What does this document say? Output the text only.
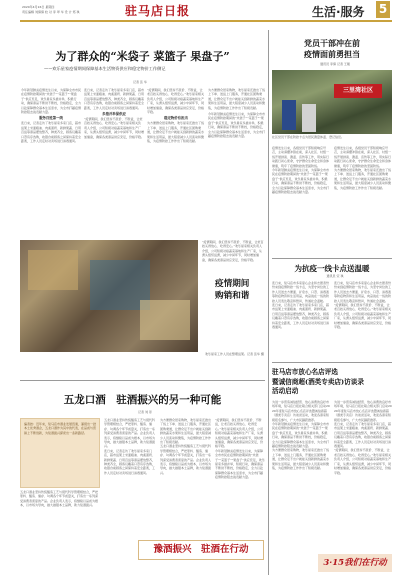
2020年4月16日 星期四
责任编辑 刘倩倩 校 对 李 翠 华 设 计 郑 琪	驻马店日报	生活·服务 5
为了群众的“米袋子 菜篮子 果盘子”
——欢乐星家疫情期间保障基本生活物资供应和稳定物价工作侧记
记者 张 华
今年新冠肺炎疫情发生以来，为保障全市市民在疫情防控期间的“米袋子”“菜篮子”“果盘子”供应充足，欢乐星家多措并举，积极行动，确保商品不断供不断档，价格稳定，全力以赴保障群众基本生活需求，为全市打赢疫情防控阻击战贡献力量。
服务百姓第一线
连日来，记者走访了欢乐星家多家门店，超市货架上米面粮油、肉禽蛋奶、新鲜果蔬、日用百货等商品摆放整齐，种类齐全，顾客们戴着口罩有序选购，收银台前顾客之间保持着安全距离，工作人员定时对卖场进行消毒通风。
连日来，记者走访了欢乐星家多家门店，超市货架上米面粮油、肉禽蛋奶、新鲜果蔬、日用百货等商品摆放整齐，种类齐全，顾客们戴着口罩有序选购，收银台前顾客之间保持着安全距离，工作人员定时对卖场进行消毒通风。
多措并举保供应
“疫情期间，我们坚持不涨价、不断货，让老百姓买得放心、吃得安心。”欢乐星家相关负责人介绍，公司积极对接蔬菜基地和生产厂家，从源头组织货源，减少中间环节，同时增加储备，确保各类商品供应充足，价格平稳。
“疫情期间，我们坚持不涨价、不断货，让老百姓买得放心、吃得安心。”欢乐星家相关负责人介绍，公司积极对接蔬菜基地和生产厂家，从源头组织货源，减少中间环节，同时增加储备，确保各类商品供应充足，价格平稳。
稳定物价有担当
为方便群众居家购物，欢乐星家还推出了线上下单、送货上门服务，开通社区团购渠道，让群众足不出户就能买到新鲜的蔬菜水果和生活用品，最大程度减少人员流动和聚集，为疫情防控工作作出了积极贡献。
为方便群众居家购物，欢乐星家还推出了线上下单、送货上门服务，开通社区团购渠道，让群众足不出户就能买到新鲜的蔬菜水果和生活用品，最大程度减少人员流动和聚集，为疫情防控工作作出了积极贡献。
今年新冠肺炎疫情发生以来，为保障全市市民在疫情防控期间的“米袋子”“菜篮子”“果盘子”供应充足，欢乐星家多措并举，积极行动，确保商品不断供不断档，价格稳定，全力以赴保障群众基本生活需求，为全市打赢疫情防控阻击战贡献力量。
“疫情期间，我们坚持不涨价、不断货，让老百姓买得放心、吃得安心。”欢乐星家相关负责人介绍，公司积极对接蔬菜基地和生产厂家，从源头组织货源，减少中间环节，同时增加储备，确保各类商品供应充足，价格平稳。
疫情期间
购销和谐
欢乐星家工作人员在整理货架。记者 张华 摄
五龙口酒　驻酒振兴的另一种可能
记者 刘 彤
编者按：近年来，驻马店市酒业发展迅速，涌现出一批本土优秀酒企，五龙口酒作为其中的代表，在品质与营销上不断创新，为驻酒振兴探索出一条新路径。
五龙口酒业坚持传统酿造工艺与现代科学管理相结合，严把原料、酿造、储存、勾调各个环节质量关，打造出一系列深受消费者喜爱的产品。企业负责人表示，将继续以品质为根本，以市场为导向，做大做强本土品牌，助力驻酒振兴。
五龙口酒业坚持传统酿造工艺与现代科学管理相结合，严把原料、酿造、储存、勾调各个环节质量关，打造出一系列深受消费者喜爱的产品。企业负责人表示，将继续以品质为根本，以市场为导向，做大做强本土品牌，助力驻酒振兴。
连日来，记者走访了欢乐星家多家门店，超市货架上米面粮油、肉禽蛋奶、新鲜果蔬、日用百货等商品摆放整齐，种类齐全，顾客们戴着口罩有序选购，收银台前顾客之间保持着安全距离，工作人员定时对卖场进行消毒通风。
为方便群众居家购物，欢乐星家还推出了线上下单、送货上门服务，开通社区团购渠道，让群众足不出户就能买到新鲜的蔬菜水果和生活用品，最大程度减少人员流动和聚集，为疫情防控工作作出了积极贡献。
五龙口酒业坚持传统酿造工艺与现代科学管理相结合，严把原料、酿造、储存、勾调各个环节质量关，打造出一系列深受消费者喜爱的产品。企业负责人表示，将继续以品质为根本，以市场为导向，做大做强本土品牌，助力驻酒振兴。
“疫情期间，我们坚持不涨价、不断货，让老百姓买得放心、吃得安心。”欢乐星家相关负责人介绍，公司积极对接蔬菜基地和生产厂家，从源头组织货源，减少中间环节，同时增加储备，确保各类商品供应充足，价格平稳。
今年新冠肺炎疫情发生以来，为保障全市市民在疫情防控期间的“米袋子”“菜篮子”“果盘子”供应充足，欢乐星家多措并举，积极行动，确保商品不断供不断档，价格稳定，全力以赴保障群众基本生活需求，为全市打赢疫情防控阻击战贡献力量。
豫酒振兴　驻酒在行动
党员干部冲在前
疫情面前勇担当
通讯员 李倩 记者 王刚
三里湾社区
社区党员干部在防控卡点为居民测量体温、登记信息。
疫情发生以来，各级党员干部积极响应号召，主动请缨冲锋在前，深入社区、村组一线开展排查、测温、宣传等工作，用实际行动践行初心使命，守护群众生命安全和身体健康，筑牢了疫情防控的坚固防线。
今年新冠肺炎疫情发生以来，为保障全市市民在疫情防控期间的“米袋子”“菜篮子”“果盘子”供应充足，欢乐星家多措并举，积极行动，确保商品不断供不断档，价格稳定，全力以赴保障群众基本生活需求，为全市打赢疫情防控阻击战贡献力量。
疫情发生以来，各级党员干部积极响应号召，主动请缨冲锋在前，深入社区、村组一线开展排查、测温、宣传等工作，用实际行动践行初心使命，守护群众生命安全和身体健康，筑牢了疫情防控的坚固防线。
为方便群众居家购物，欢乐星家还推出了线上下单、送货上门服务，开通社区团购渠道，让群众足不出户就能买到新鲜的蔬菜水果和生活用品，最大程度减少人员流动和聚集，为疫情防控工作作出了积极贡献。
为抗疫一线卡点送温暖
通讯员 宋 琪
连日来，驻马店市多家爱心企业和志愿者纷纷来到疫情防控一线卡点，为坚守岗位的工作人员送去方便面、矿泉水、口罩、消毒液等防疫物资和生活用品，向奋战在一线的防控人员表达敬意和慰问，传递社会温暖。
连日来，记者走访了欢乐星家多家门店，超市货架上米面粮油、肉禽蛋奶、新鲜果蔬、日用百货等商品摆放整齐，种类齐全，顾客们戴着口罩有序选购，收银台前顾客之间保持着安全距离，工作人员定时对卖场进行消毒通风。
连日来，驻马店市多家爱心企业和志愿者纷纷来到疫情防控一线卡点，为坚守岗位的工作人员送去方便面、矿泉水、口罩、消毒液等防疫物资和生活用品，向奋战在一线的防控人员表达敬意和慰问，传递社会温暖。
“疫情期间，我们坚持不涨价、不断货，让老百姓买得放心、吃得安心。”欢乐星家相关负责人介绍，公司积极对接蔬菜基地和生产厂家，从源头组织货源，减少中间环节，同时增加储备，确保各类商品供应充足，价格平稳。
驻马店市放心名店评选
暨诚信商超(酒类专卖店)访谈录
活动启动
为进一步营造诚信经营、放心消费的良好市场环境，驻马店日报社联合相关部门启动2020年度驻马店市放心名店评选暨诚信商超（酒类专卖店）访谈录活动，欢迎各商家积极报名参与，广大市民踊跃推荐。
今年新冠肺炎疫情发生以来，为保障全市市民在疫情防控期间的“米袋子”“菜篮子”“果盘子”供应充足，欢乐星家多措并举，积极行动，确保商品不断供不断档，价格稳定，全力以赴保障群众基本生活需求，为全市打赢疫情防控阻击战贡献力量。
为方便群众居家购物，欢乐星家还推出了线上下单、送货上门服务，开通社区团购渠道，让群众足不出户就能买到新鲜的蔬菜水果和生活用品，最大程度减少人员流动和聚集，为疫情防控工作作出了积极贡献。
为进一步营造诚信经营、放心消费的良好市场环境，驻马店日报社联合相关部门启动2020年度驻马店市放心名店评选暨诚信商超（酒类专卖店）访谈录活动，欢迎各商家积极报名参与，广大市民踊跃推荐。
连日来，记者走访了欢乐星家多家门店，超市货架上米面粮油、肉禽蛋奶、新鲜果蔬、日用百货等商品摆放整齐，种类齐全，顾客们戴着口罩有序选购，收银台前顾客之间保持着安全距离，工作人员定时对卖场进行消毒通风。
“疫情期间，我们坚持不涨价、不断货，让老百姓买得放心、吃得安心。”欢乐星家相关负责人介绍，公司积极对接蔬菜基地和生产厂家，从源头组织货源，减少中间环节，同时增加储备，确保各类商品供应充足，价格平稳。
3·15我们在行动
